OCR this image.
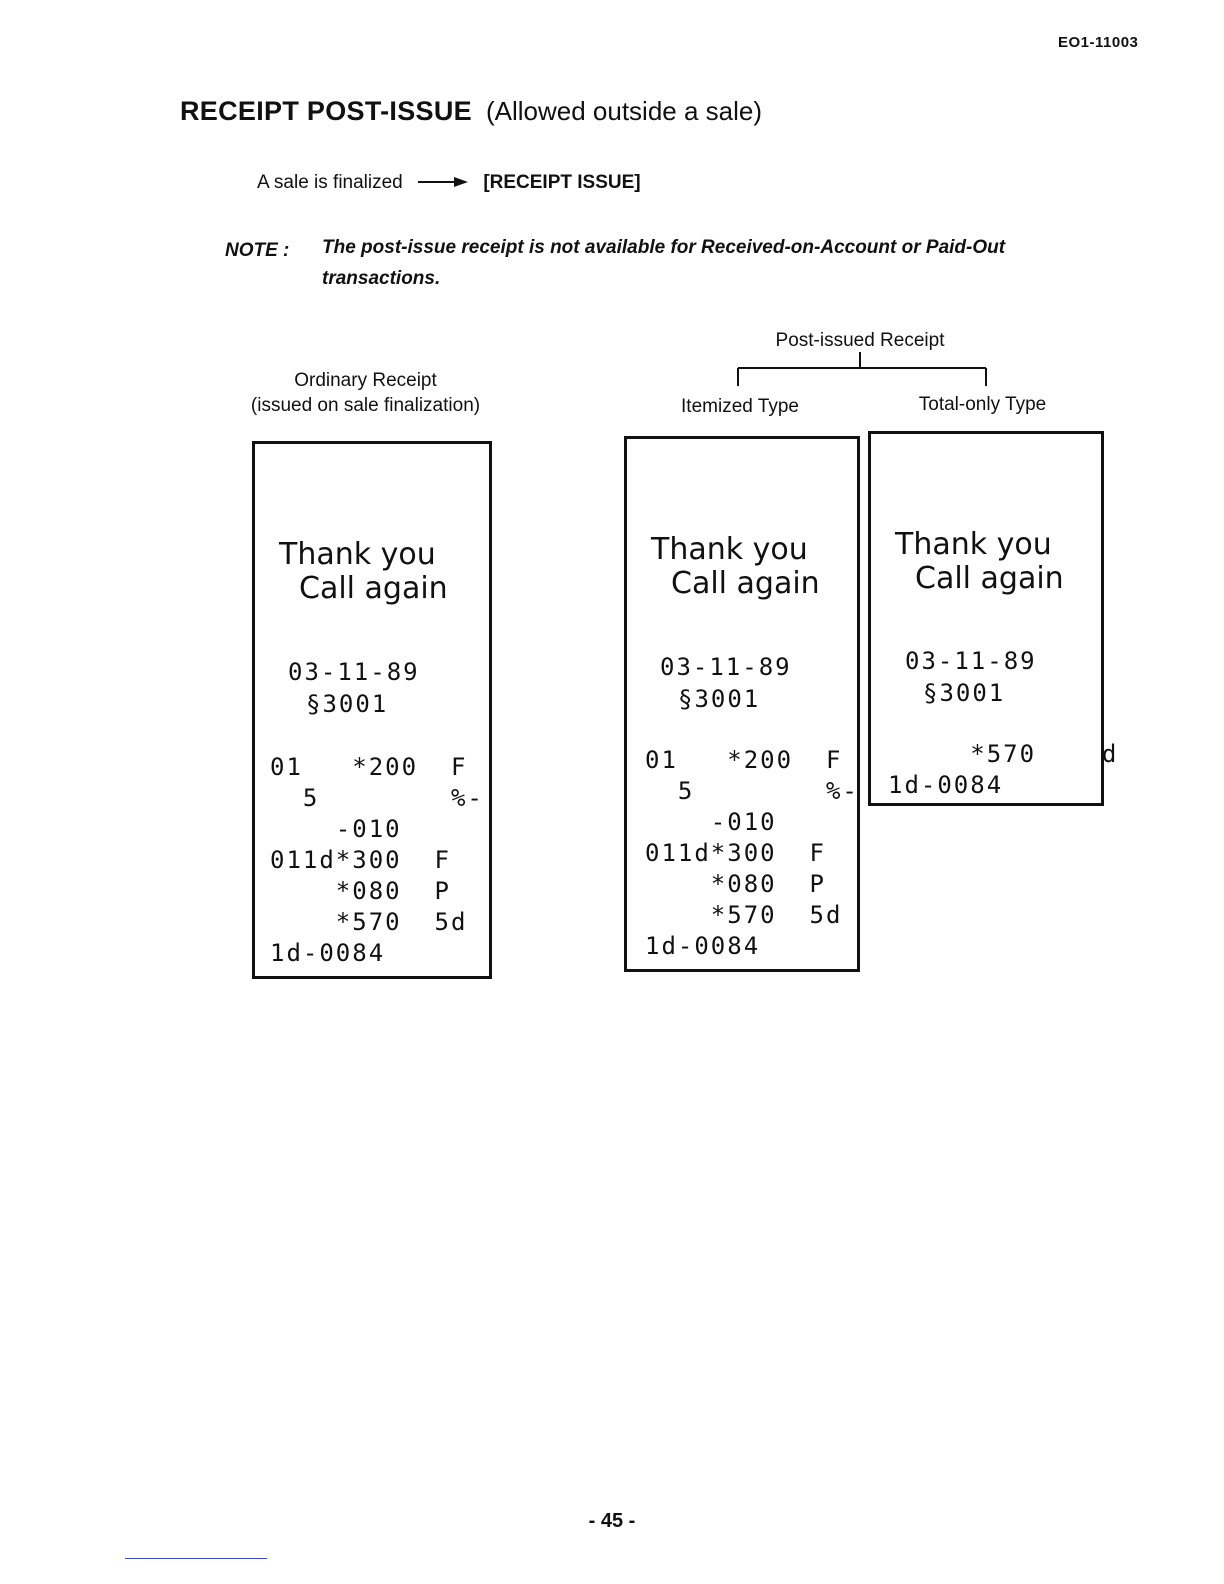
EO1-11003
RECEIPT POST-ISSUE (Allowed outside a sale)
A sale is finalized	[RECEIPT ISSUE]
NOTE : The post-issue receipt is not available for Received-on-Account or Paid-Out transactions.
Ordinary Receipt
(issued on sale finalization)
Post-issued Receipt
Itemized Type	Total-only Type
Thank you
Call again
03-11-89
§3001
01   *200  F
5        %-
-010
011d*300  F
*080  P
*570  5d
1d-0084
Thank you
Call again
03-11-89
§3001
01   *200  F
5        %-
-010
011d*300  F
*080  P
*570  5d
1d-0084
Thank you
Call again
03-11-89
§3001
*570    d
1d-0084
- 45 -
